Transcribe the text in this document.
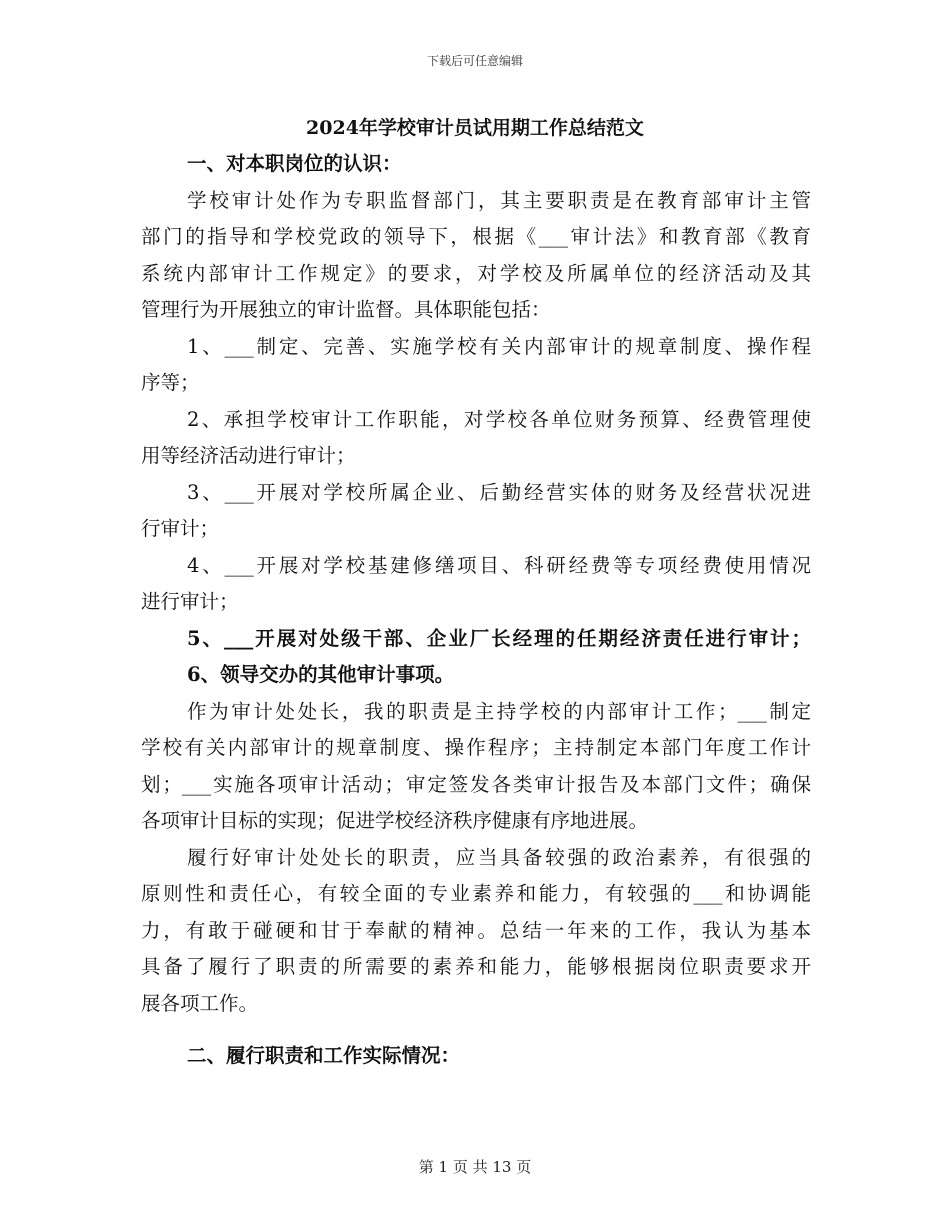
下载后可任意编辑
2024年学校审计员试用期工作总结范文
一、对本职岗位的认识：
学校审计处作为专职监督部门，其主要职责是在教育部审计主管
部门的指导和学校党政的领导下，根据《___审计法》和教育部《教育
系统内部审计工作规定》的要求，对学校及所属单位的经济活动及其
管理行为开展独立的审计监督。具体职能包括：
1、___制定、完善、实施学校有关内部审计的规章制度、操作程
序等；
2、承担学校审计工作职能，对学校各单位财务预算、经费管理使
用等经济活动进行审计；
3、___开展对学校所属企业、后勤经营实体的财务及经营状况进
行审计；
4、___开展对学校基建修缮项目、科研经费等专项经费使用情况
进行审计；
5、___开展对处级干部、企业厂长经理的任期经济责任进行审计；
6、领导交办的其他审计事项。
作为审计处处长，我的职责是主持学校的内部审计工作；___制定
学校有关内部审计的规章制度、操作程序；主持制定本部门年度工作计
划；___实施各项审计活动；审定签发各类审计报告及本部门文件；确保
各项审计目标的实现；促进学校经济秩序健康有序地进展。
履行好审计处处长的职责，应当具备较强的政治素养，有很强的
原则性和责任心，有较全面的专业素养和能力，有较强的___和协调能
力，有敢于碰硬和甘于奉献的精神。总结一年来的工作，我认为基本
具备了履行了职责的所需要的素养和能力，能够根据岗位职责要求开
展各项工作。
二、履行职责和工作实际情况：
第 1 页 共 13 页
